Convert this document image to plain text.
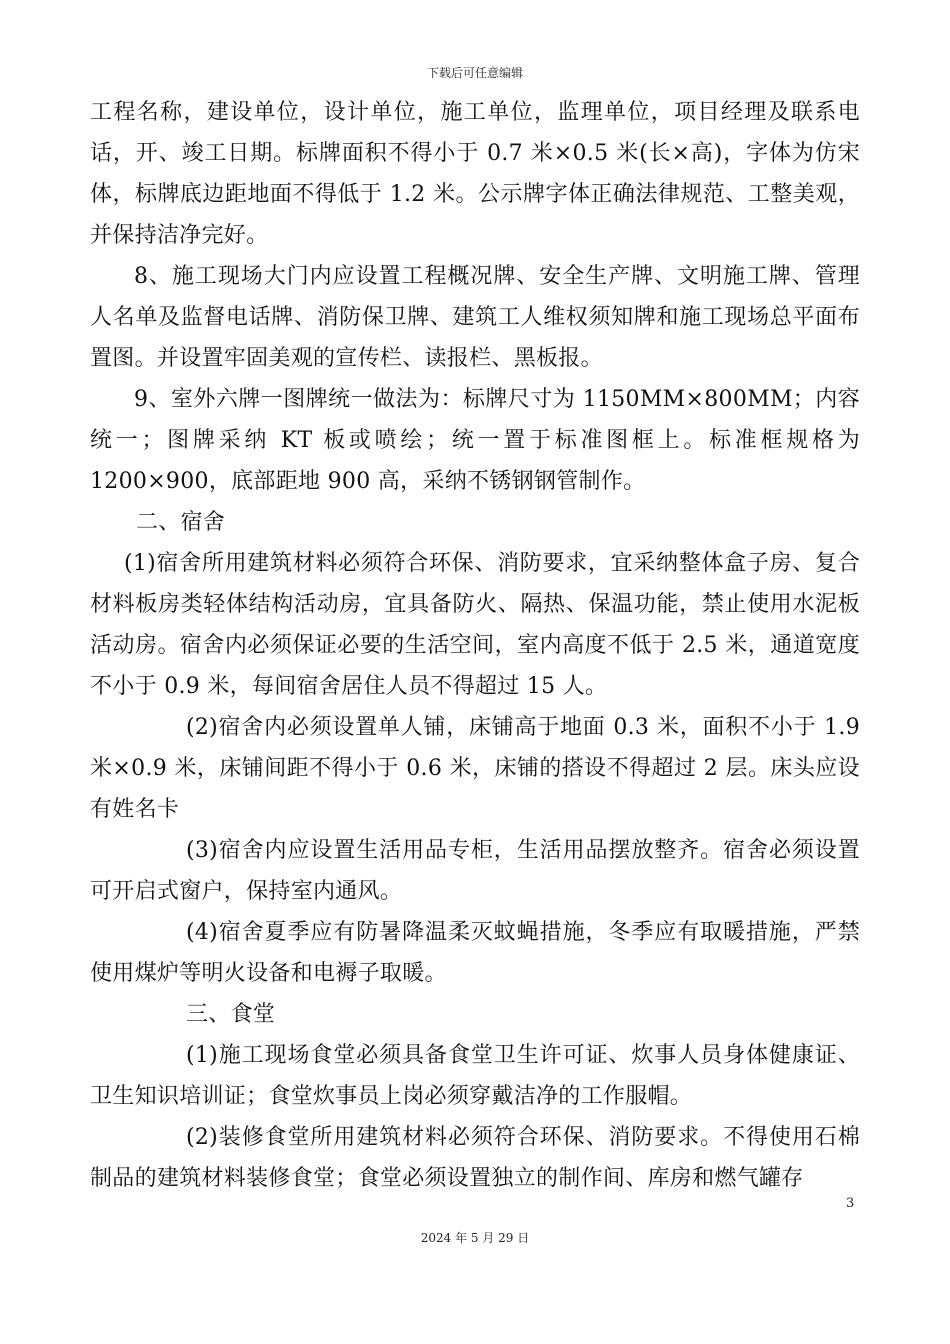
下载后可任意编辑

工程名称，建设单位，设计单位，施工单位，监理单位，项目经理及联系电话，开、竣工日期。标牌面积不得小于 0.7 米×0.5 米(长×高)，字体为仿宋体，标牌底边距地面不得低于 1.2 米。公示牌字体正确法律规范、工整美观，并保持洁净完好。

8、施工现场大门内应设置工程概况牌、安全生产牌、文明施工牌、管理人名单及监督电话牌、消防保卫牌、建筑工人维权须知牌和施工现场总平面布置图。并设置牢固美观的宣传栏、读报栏、黑板报。

9、室外六牌一图牌统一做法为：标牌尺寸为 1150MM×800MM；内容统一；图牌采纳 KT 板或喷绘；统一置于标准图框上。标准框规格为 1200×900，底部距地 900 高，采纳不锈钢钢管制作。

二、宿舍

(1)宿舍所用建筑材料必须符合环保、消防要求，宜采纳整体盒子房、复合材料板房类轻体结构活动房，宜具备防火、隔热、保温功能，禁止使用水泥板活动房。宿舍内必须保证必要的生活空间，室内高度不低于 2.5 米，通道宽度不小于 0.9 米，每间宿舍居住人员不得超过 15 人。

(2)宿舍内必须设置单人铺，床铺高于地面 0.3 米，面积不小于 1.9 米×0.9 米，床铺间距不得小于 0.6 米，床铺的搭设不得超过 2 层。床头应设有姓名卡

(3)宿舍内应设置生活用品专柜，生活用品摆放整齐。宿舍必须设置可开启式窗户，保持室内通风。

(4)宿舍夏季应有防暑降温柔灭蚊蝇措施，冬季应有取暖措施，严禁使用煤炉等明火设备和电褥子取暖。

三、食堂

(1)施工现场食堂必须具备食堂卫生许可证、炊事人员身体健康证、卫生知识培训证；食堂炊事员上岗必须穿戴洁净的工作服帽。

(2)装修食堂所用建筑材料必须符合环保、消防要求。不得使用石棉制品的建筑材料装修食堂；食堂必须设置独立的制作间、库房和燃气罐存

3
2024 年 5 月 29 日
